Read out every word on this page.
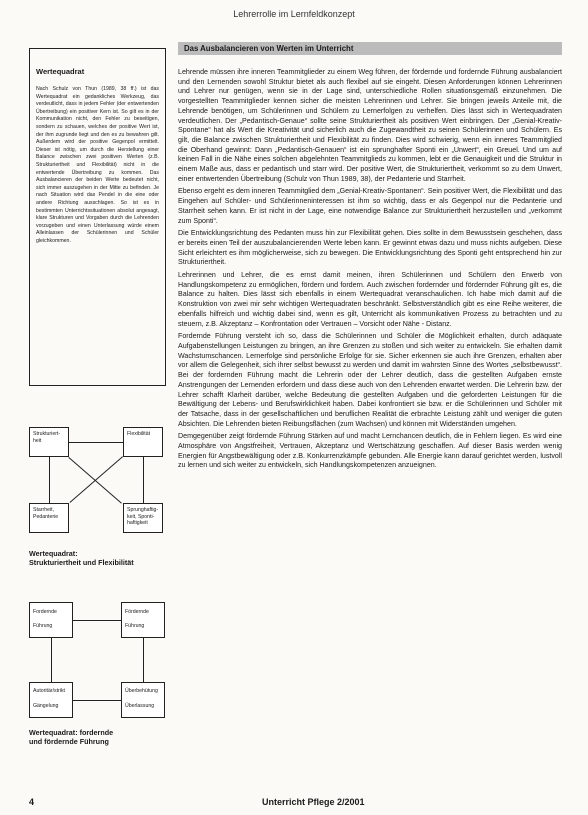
Lehrerrolle im Lernfeldkonzept
Wertequadrat
Nach Schulz von Thun (1989, 38 ff.) ist das Wertequadrat ein gedankliches Werkzeug, das verdeutlicht, dass in jedem Fehler (der entwertenden Übertreibung) ein positiver Kern ist. So gilt es in der Kommunikation nicht, den Fehler zu beseitigen, sondern zu schauen, welches der positive Wert ist, der ihm zugrunde liegt und den es zu bewahren gilt. Außerdem wird der positive Gegenpol ermittelt. Dieser ist nötig, um durch die Herstellung einer Balance zwischen zwei positiven Werten (z.B. Strukturiertheit und Flexibilität) nicht in die entwertende Übertreibung zu kommen. Das Ausbalancieren der beiden Werte bedeutet nicht, sich immer auszugehen in der Mitte zu befinden. Je nach Situation wird das Pendel in die eine oder andere Richtung ausschlagen. So ist es in bestimmten Unterrichtssituationen absolut angesagt, klare Strukturen und Vorgaben durch die Lehrenden vorzugeben und einen Unterlassung würde einem Alleinlassen der Schülerinnen und Schüler gleichkommen.
Strukturiert-heit
Flexibilität
Starrheit, Pedanterie
Sprunghaftig-keit, Sponti-haftigkeit
Wertequadrat:
Strukturiertheit und Flexibilität
Fordernde
Führung
Fördernde
Führung
Autoritär/strikt
Gängelung
Überbehütung
Überlassung
Wertequadrat: fordernde
und fördernde Führung
Das Ausbalancieren von Werten im Unterricht

Lehrende müssen ihre inneren Teammitglieder zu einem Weg führen, der fördernde und fordernde Führung ausbalanciert und den Lernenden sowohl Struktur bietet als auch flexibel auf sie eingeht. Diesen Anforderungen können Lehrerinnen und Lehrer nur genügen, wenn sie in der Lage sind, unterschiedliche Rollen situationsgemäß einzunehmen. Die vorgestellten Teammitglieder kennen sicher die meisten Lehrerinnen und Lehrer. Sie bringen jeweils Anteile mit, die Lehrende benötigen, um Schülerinnen und Schülern zu Lernerfolgen zu verhelfen. Dies lässt sich in Wertequadraten verdeutlichen. Der „Pedantisch-Genaue“ sollte seine Strukturiertheit als positiven Wert einbringen. Der „Genial-Kreativ-Spontane“ hat als Wert die Kreativität und sicherlich auch die Zugewandtheit zu seinen Schülerinnen und Schülern. Es gilt, die Balance zwischen Strukturiertheit und Flexibilität zu finden. Dies wird schwierig, wenn ein inneres Teammitglied die Oberhand gewinnt: Dann „Pedantisch-Genauen“ ist ein sprunghafter Sponti ein „Unwert“, ein Greuel. Und um auf keinen Fall in die Nähe eines solchen abgelehnten Teammitglieds zu kommen, lebt er die Genauigkeit und die Struktur in einem Maße aus, dass er pedantisch und starr wird. Der positive Wert, die Strukturiertheit, verkommt so zu dem Unwert, einer entwertenden Übertreibung (Schulz von Thun 1989, 38), der Pedanterie und Starrheit.

Ebenso ergeht es dem inneren Teammitglied dem „Genial-Kreativ-Spontanen“. Sein positiver Wert, die Flexibilität und das Eingehen auf Schüler- und Schülerinneninteressen ist ihm so wichtig, dass er als Gegenpol nur die Pedanterie und Starrheit sehen kann. Er ist nicht in der Lage, eine notwendige Balance zur Strukturiertheit herzustellen und „verkommt zum Sponti“.

Die Entwicklungsrichtung des Pedanten muss hin zur Flexibilität gehen. Dies sollte in dem Bewusstsein geschehen, dass er bereits einen Teil der auszubalancierenden Werte leben kann. Er gewinnt etwas dazu und muss nichts aufgeben. Diese Sicht erleichtert es ihm möglicherweise, sich zu bewegen. Die Entwicklungsrichtung des Sponti geht entsprechend hin zur Strukturiertheit.

Lehrerinnen und Lehrer, die es ernst damit meinen, ihren Schülerinnen und Schülern den Erwerb von Handlungskompetenz zu ermöglichen, fördern und fordern. Auch zwischen fordernder und fördernder Führung gilt es, die Balance zu halten. Dies lässt sich ebenfalls in einem Wertequadrat veranschaulichen. Ich habe mich damit auf die Konstruktion von zwei mir sehr wichtigen Wertequadraten beschränkt. Selbstverständlich gibt es eine Reihe weiterer, die ebenfalls hilfreich und wichtig dabei sind, wenn es gilt, Unterricht als kommunikativen Prozess zu betrachten und zu steuern, z.B. Akzeptanz – Konfrontation oder Vertrauen – Vorsicht oder Nähe - Distanz.

Fordernde Führung versteht ich so, dass die Schülerinnen und Schüler die Möglichkeit erhalten, durch adäquate Aufgabenstellungen Leistungen zu bringen, an ihre Grenzen zu stoßen und sich weiter zu entwickeln. Sie erhalten damit Wachstumschancen. Lernerfolge sind persönliche Erfolge für sie. Sicher erkennen sie auch ihre Grenzen, erhalten aber vor allem die Gelegenheit, sich ihrer selbst bewusst zu werden und damit im wahrsten Sinne des Wortes „selbstbewusst“. Bei der fordernden Führung macht die Lehrerin oder der Lehrer deutlich, dass die gestellten Aufgaben ernste Anstrengungen der Lernenden erfordern und dass diese auch von den Lehrenden erwartet werden. Die Lehrerin bzw. der Lehrer schafft Klarheit darüber, welche Bedeutung die gestellten Aufgaben und die geforderten Leistungen für die Bewältigung der Lebens- und Berufswirklichkeit haben. Dabei konfrontiert sie bzw. er die Schülerinnen und Schüler mit der Tatsache, dass in der gesellschaftlichen und beruflichen Realität die erbrachte Leistung zählt und weniger die guten Absichten. Die Lehrenden bieten Reibungsflächen (zum Wachsen) und können mit Widerständen umgehen.

Demgegenüber zeigt fördernde Führung Stärken auf und macht Lernchancen deutlich, die in Fehlern liegen. Es wird eine Atmosphäre von Angstfreiheit, Vertrauen, Akzeptanz und Wertschätzung geschaffen. Auf dieser Basis werden wenig Energien für Angstbewältigung oder z.B. Konkurrenzkämpfe gebunden. Alle Energie kann darauf gerichtet werden, lustvoll zu lernen und sich weiter zu entwickeln, sich Handlungskompetenzen anzueignen.

4	Unterricht Pflege 2/2001
